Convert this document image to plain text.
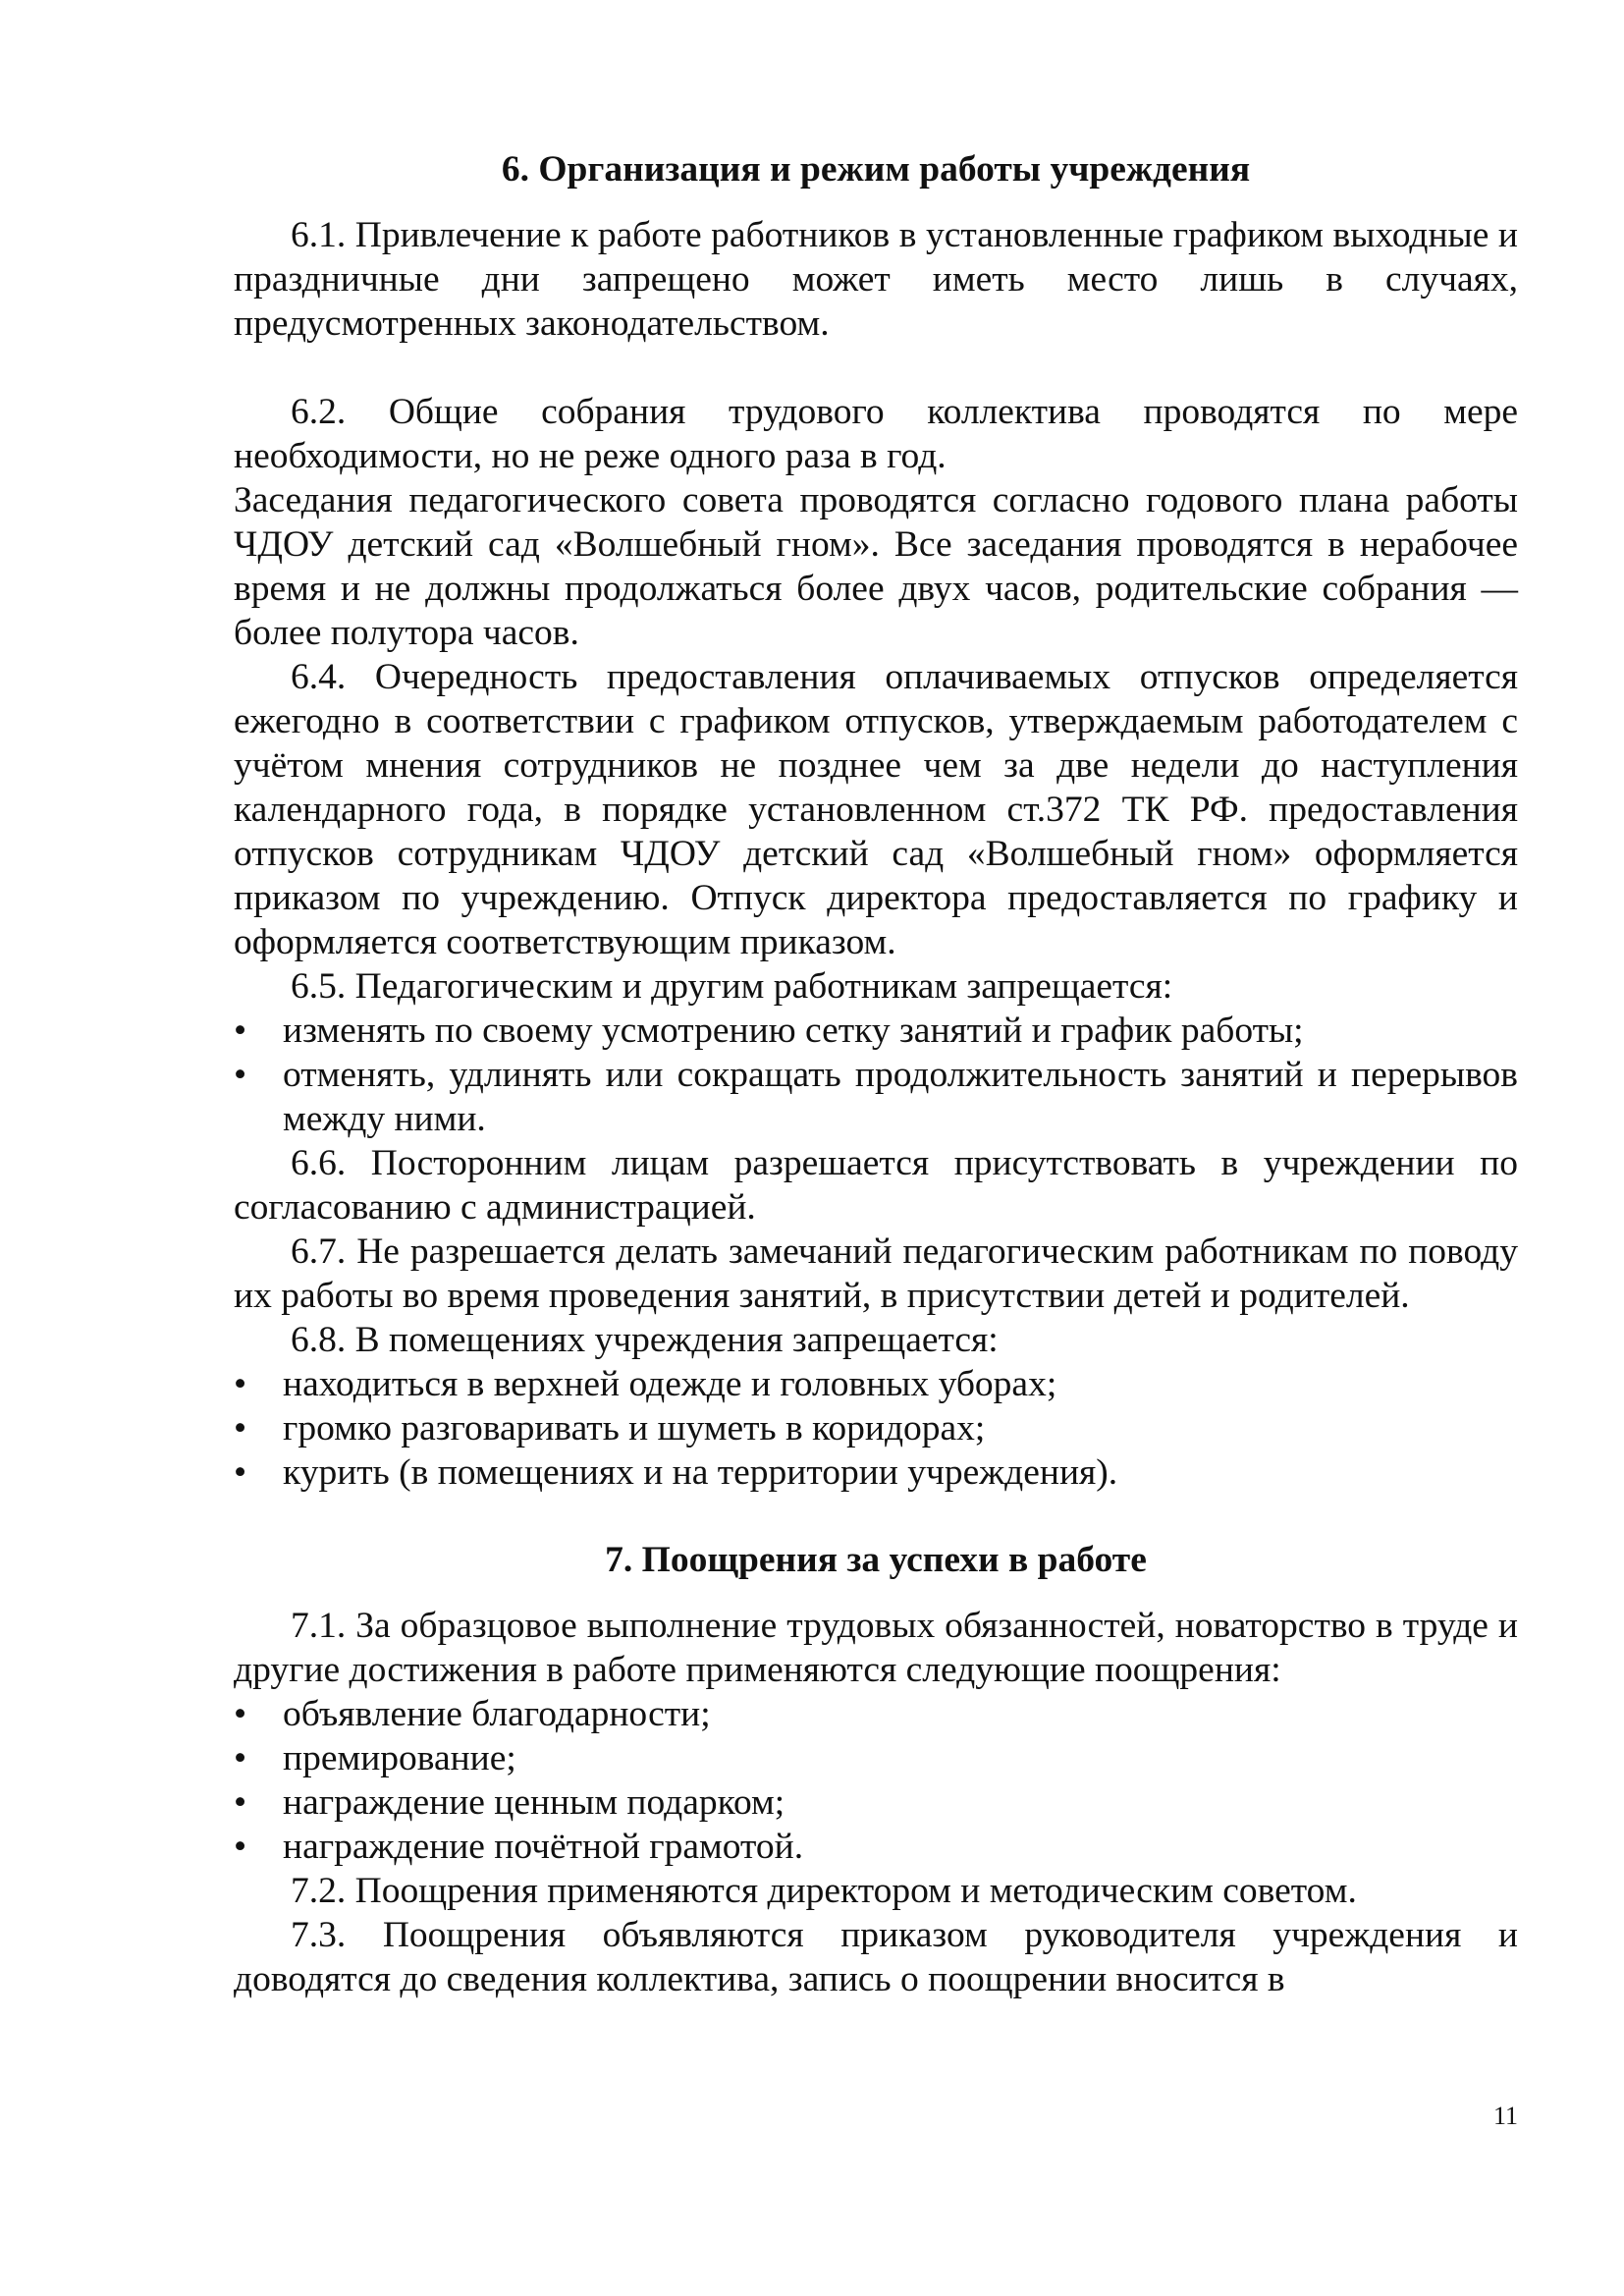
6. Организация и режим работы учреждения

6.1. Привлечение к работе работников в установленные графиком выходные и праздничные дни запрещено может иметь место лишь в случаях, предусмотренных законодательством.

6.2. Общие собрания трудового коллектива проводятся по мере необходимости, но не реже одного раза в год.

Заседания педагогического совета проводятся согласно годового плана работы ЧДОУ детский сад «Волшебный гном». Все заседания проводятся в нерабочее время и не должны продолжаться более двух часов, родительские собрания — более полутора часов.

6.4. Очередность предоставления оплачиваемых отпусков определяется ежегодно в соответствии с графиком отпусков, утверждаемым работодателем с учётом мнения сотрудников не позднее чем за две недели до наступления календарного года, в порядке установленном ст.372 ТК РФ. предоставления отпусков сотрудникам ЧДОУ детский сад «Волшебный гном» оформляется приказом по учреждению. Отпуск директора предоставляется по графику и оформляется соответствующим приказом.

6.5. Педагогическим и другим работникам запрещается:

• изменять по своему усмотрению сетку занятий и график работы;
• отменять, удлинять или сокращать продолжительность занятий и перерывов между ними.

6.6. Посторонним лицам разрешается присутствовать в учреждении по согласованию с администрацией.

6.7. Не разрешается делать замечаний педагогическим работникам по поводу их работы во время проведения занятий, в присутствии детей и родителей.

6.8. В помещениях учреждения запрещается:

• находиться в верхней одежде и головных уборах;
• громко разговаривать и шуметь в коридорах;
• курить (в помещениях и на территории учреждения).
7. Поощрения за успехи в работе

7.1. За образцовое выполнение трудовых обязанностей, новаторство в труде и другие достижения в работе применяются следующие поощрения:

• объявление благодарности;
• премирование;
• награждение ценным подарком;
• награждение почётной грамотой.

7.2. Поощрения применяются директором и методическим советом.

7.3. Поощрения объявляются приказом руководителя учреждения и доводятся до сведения коллектива, запись о поощрении вносится в

11
